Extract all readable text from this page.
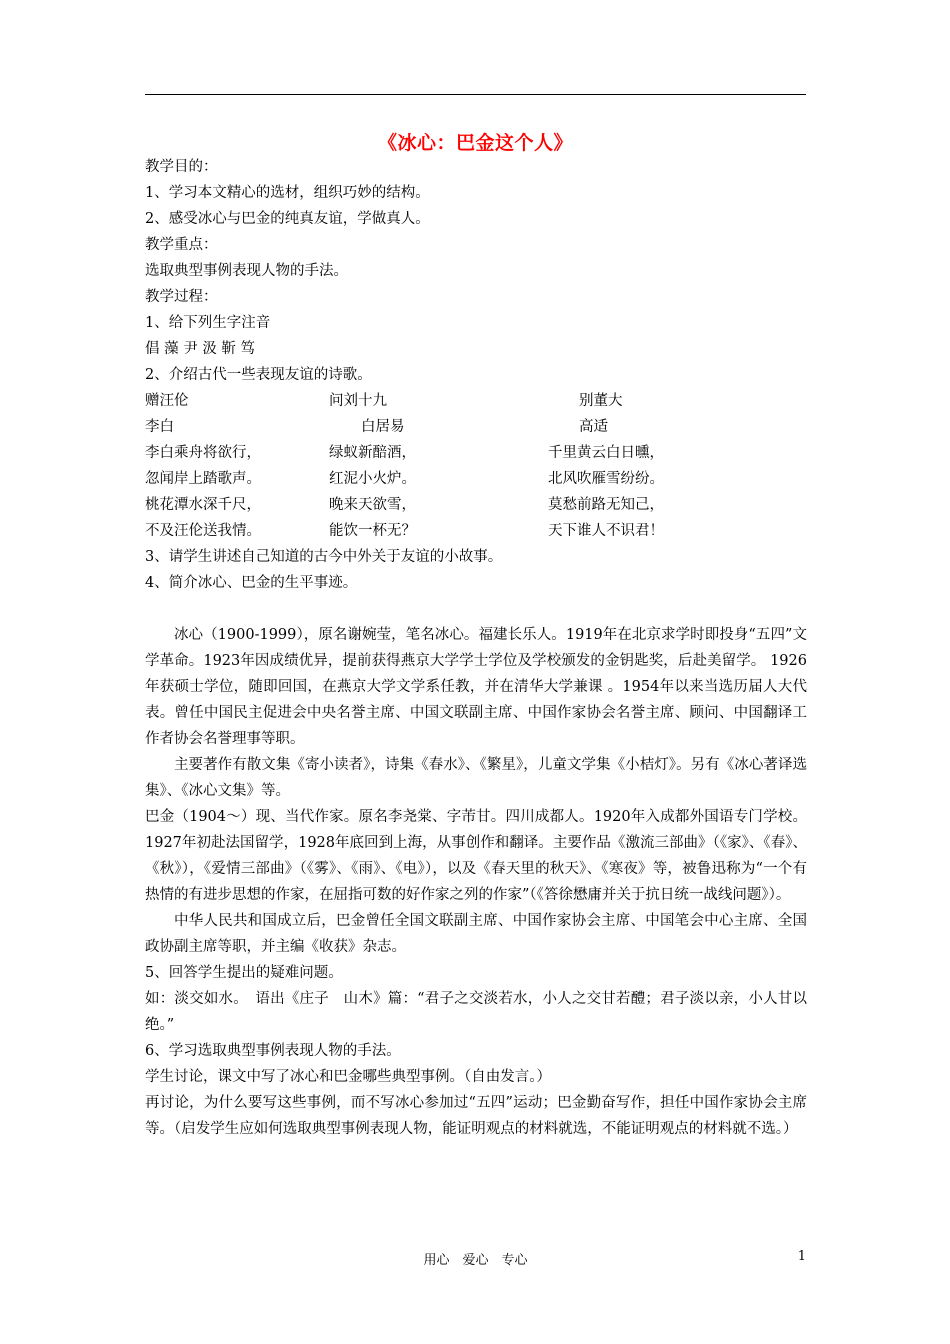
《冰心：巴金这个人》
教学目的：
1、学习本文精心的选材，组织巧妙的结构。
2、感受冰心与巴金的纯真友谊，学做真人。
教学重点：
选取典型事例表现人物的手法。
教学过程：
1、给下列生字注音
倡 藻 尹 汲 靳 笃
2、介绍古代一些表现友谊的诗歌。
赠汪伦	问刘十九	别董大
李白	白居易	高适
李白乘舟将欲行，	绿蚁新醅酒，	千里黄云白日曛，
忽闻岸上踏歌声。	红泥小火炉。	北风吹雁雪纷纷。
桃花潭水深千尺，	晚来天欲雪，	莫愁前路无知己，
不及汪伦送我情。	能饮一杯无？	天下谁人不识君！
3、请学生讲述自己知道的古今中外关于友谊的小故事。
4、简介冰心、巴金的生平事迹。
冰心（1900-1999），原名谢婉莹，笔名冰心。福建长乐人。1919年在北京求学时即投身“五四”文学革命。1923年因成绩优异，提前获得燕京大学学士学位及学校颁发的金钥匙奖，后赴美留学。 1926年获硕士学位，随即回国，在燕京大学文学系任教，并在清华大学兼课 。1954年以来当选历届人大代表。曾任中国民主促进会中央名誉主席、中国文联副主席、中国作家协会名誉主席、顾问、中国翻译工作者协会名誉理事等职。
主要著作有散文集《寄小读者》，诗集《春水》、《繁星》，儿童文学集《小桔灯》。另有《冰心著译选集》、《冰心文集》等。
巴金（1904～）现、当代作家。原名李尧棠、字芾甘。四川成都人。1920年入成都外国语专门学校。1927年初赴法国留学，1928年底回到上海，从事创作和翻译。主要作品《激流三部曲》（《家》、《春》、《秋》），《爱情三部曲》（《雾》、《雨》、《电》），以及《春天里的秋天》、《寒夜》等，被鲁迅称为“一个有热情的有进步思想的作家，在屈指可数的好作家之列的作家”（《答徐懋庸并关于抗日统一战线问题》）。
中华人民共和国成立后，巴金曾任全国文联副主席、中国作家协会主席、中国笔会中心主席、全国政协副主席等职，并主编《收获》杂志。
5、回答学生提出的疑难问题。
如：淡交如水。　语出《庄子　山木》篇：“君子之交淡若水，小人之交甘若醴；君子淡以亲，小人甘以绝。”
6、学习选取典型事例表现人物的手法。
学生讨论，课文中写了冰心和巴金哪些典型事例。（自由发言。）
再讨论，为什么要写这些事例，而不写冰心参加过“五四”运动；巴金勤奋写作，担任中国作家协会主席等。（启发学生应如何选取典型事例表现人物，能证明观点的材料就选，不能证明观点的材料就不选。）
用心　爱心　专心	1
